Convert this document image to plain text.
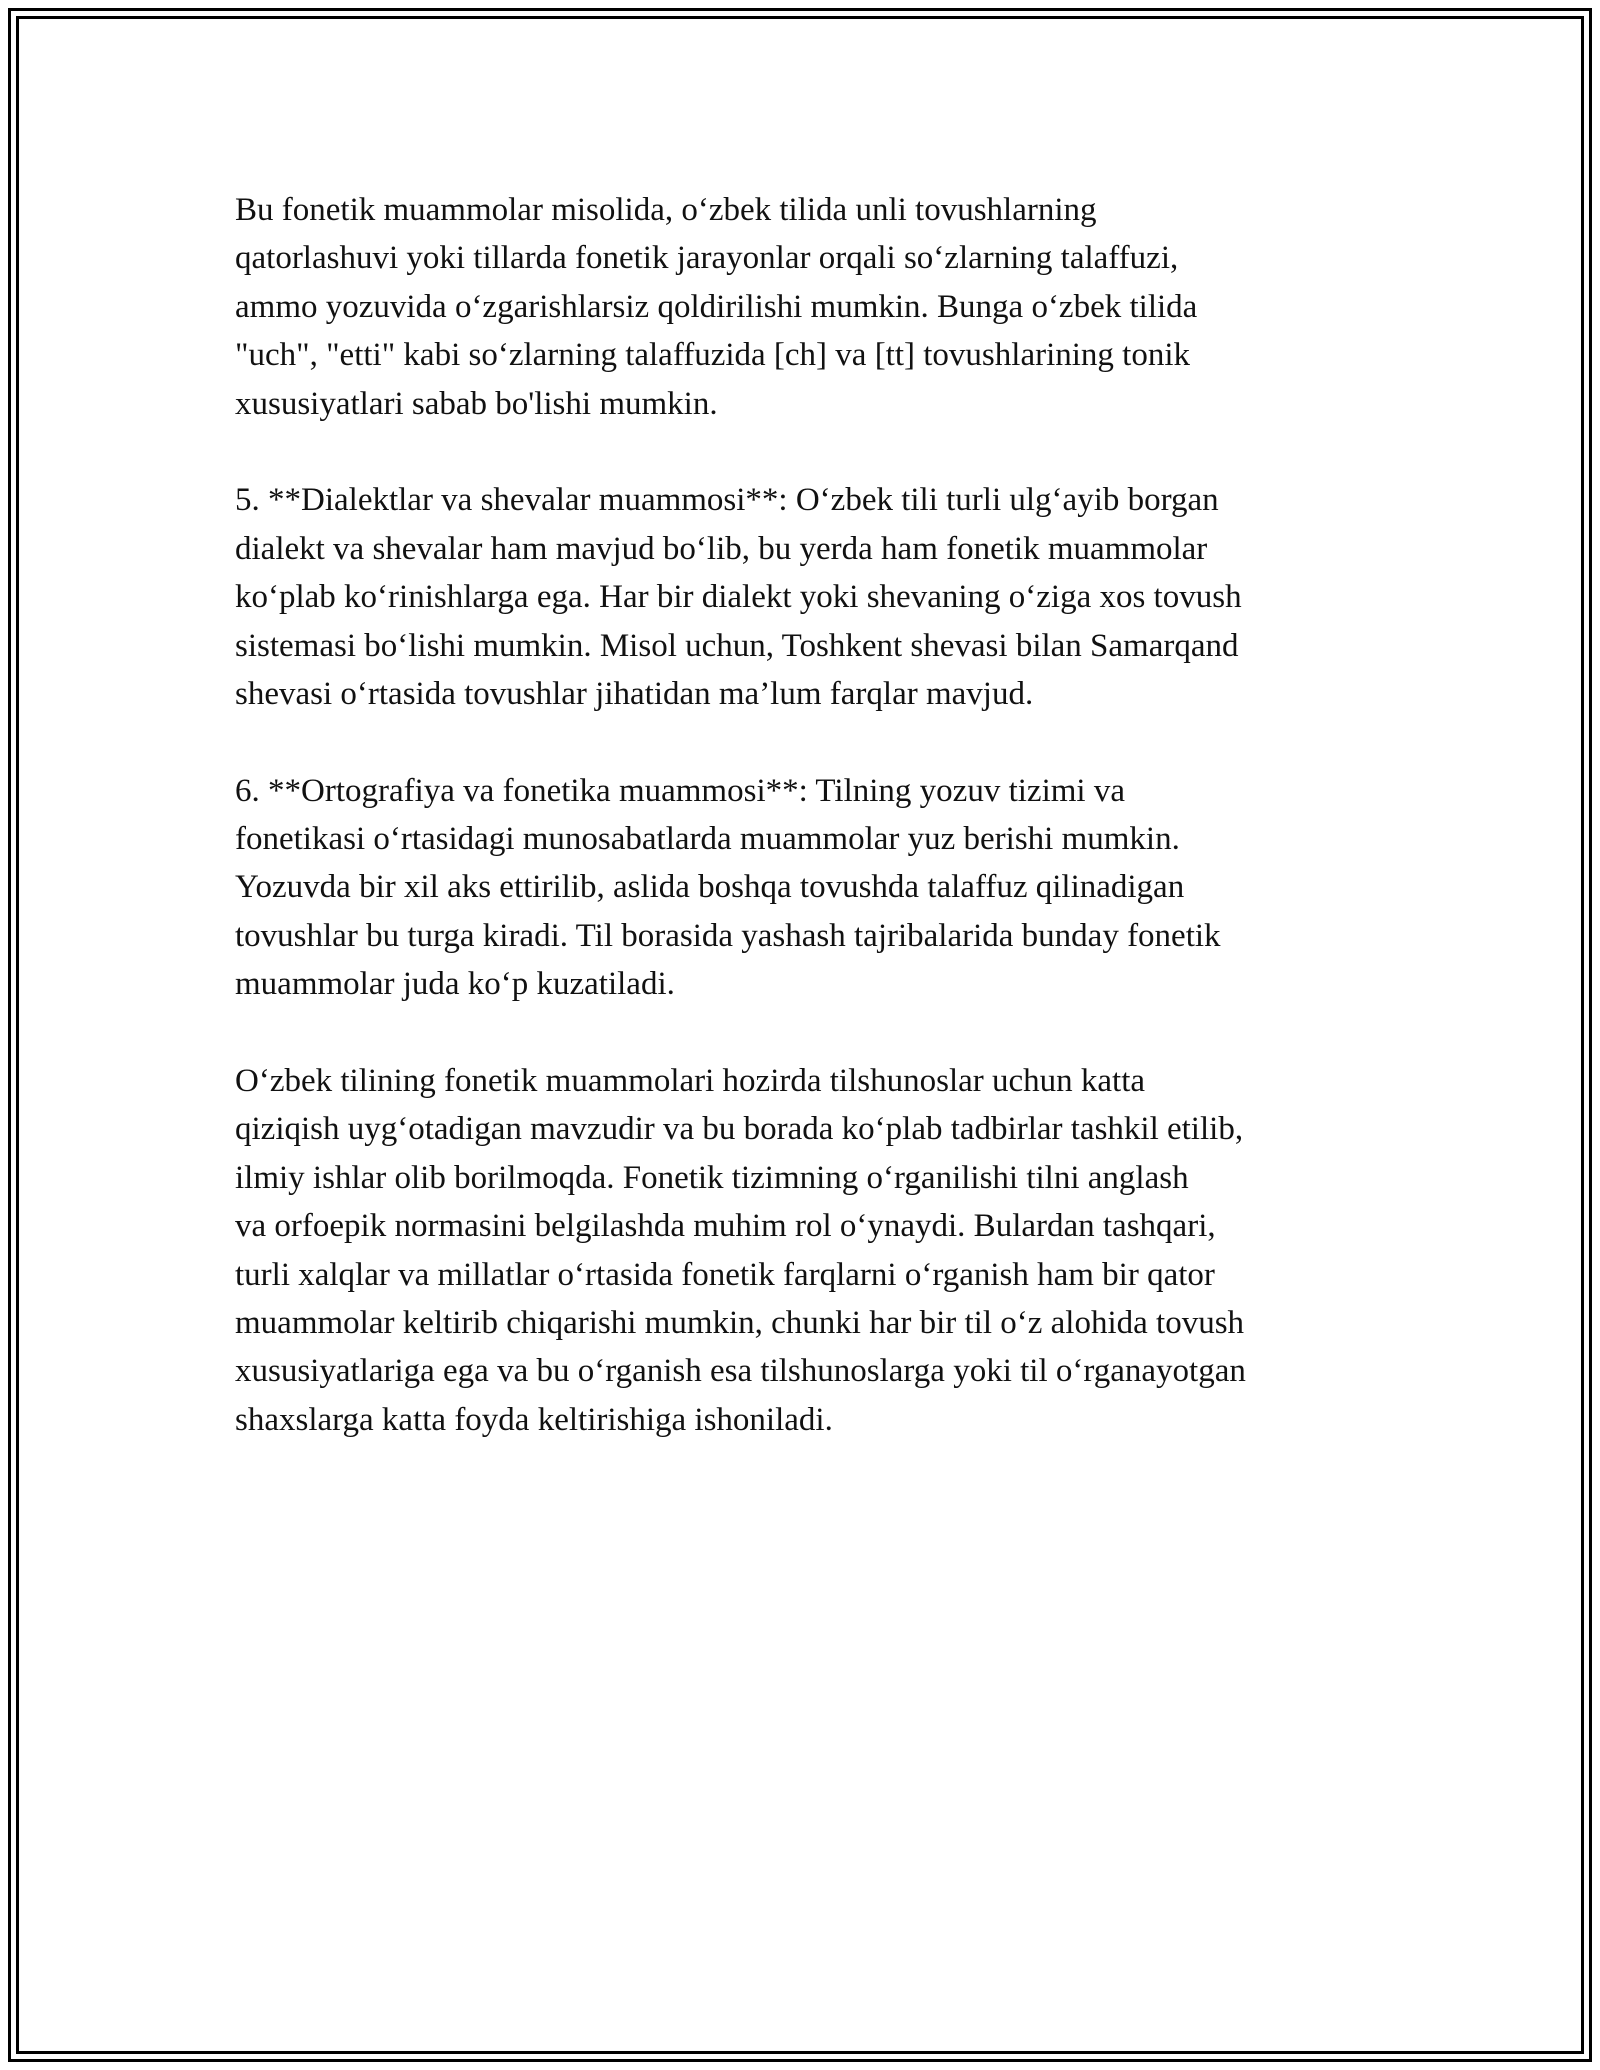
Bu fonetik muammolar misolida, o‘zbek tilida unli tovushlarning
qatorlashuvi yoki tillarda fonetik jarayonlar orqali so‘zlarning talaffuzi,
ammo yozuvida o‘zgarishlarsiz qoldirilishi mumkin. Bunga o‘zbek tilida
"uch", "etti" kabi so‘zlarning talaffuzida [ch] va [tt] tovushlarining tonik
xususiyatlari sabab bo'lishi mumkin.
5. **Dialektlar va shevalar muammosi**: O‘zbek tili turli ulg‘ayib borgan
dialekt va shevalar ham mavjud bo‘lib, bu yerda ham fonetik muammolar
ko‘plab ko‘rinishlarga ega. Har bir dialekt yoki shevaning o‘ziga xos tovush
sistemasi bo‘lishi mumkin. Misol uchun, Toshkent shevasi bilan Samarqand
shevasi o‘rtasida tovushlar jihatidan ma’lum farqlar mavjud.
6. **Ortografiya va fonetika muammosi**: Tilning yozuv tizimi va
fonetikasi o‘rtasidagi munosabatlarda muammolar yuz berishi mumkin.
Yozuvda bir xil aks ettirilib, aslida boshqa tovushda talaffuz qilinadigan
tovushlar bu turga kiradi. Til borasida yashash tajribalarida bunday fonetik
muammolar juda ko‘p kuzatiladi.
O‘zbek tilining fonetik muammolari hozirda tilshunoslar uchun katta
qiziqish uyg‘otadigan mavzudir va bu borada ko‘plab tadbirlar tashkil etilib,
ilmiy ishlar olib borilmoqda. Fonetik tizimning o‘rganilishi tilni anglash
va orfoepik normasini belgilashda muhim rol o‘ynaydi. Bulardan tashqari,
turli xalqlar va millatlar o‘rtasida fonetik farqlarni o‘rganish ham bir qator
muammolar keltirib chiqarishi mumkin, chunki har bir til o‘z alohida tovush
xususiyatlariga ega va bu o‘rganish esa tilshunoslarga yoki til o‘rganayotgan
shaxslarga katta foyda keltirishiga ishoniladi.
